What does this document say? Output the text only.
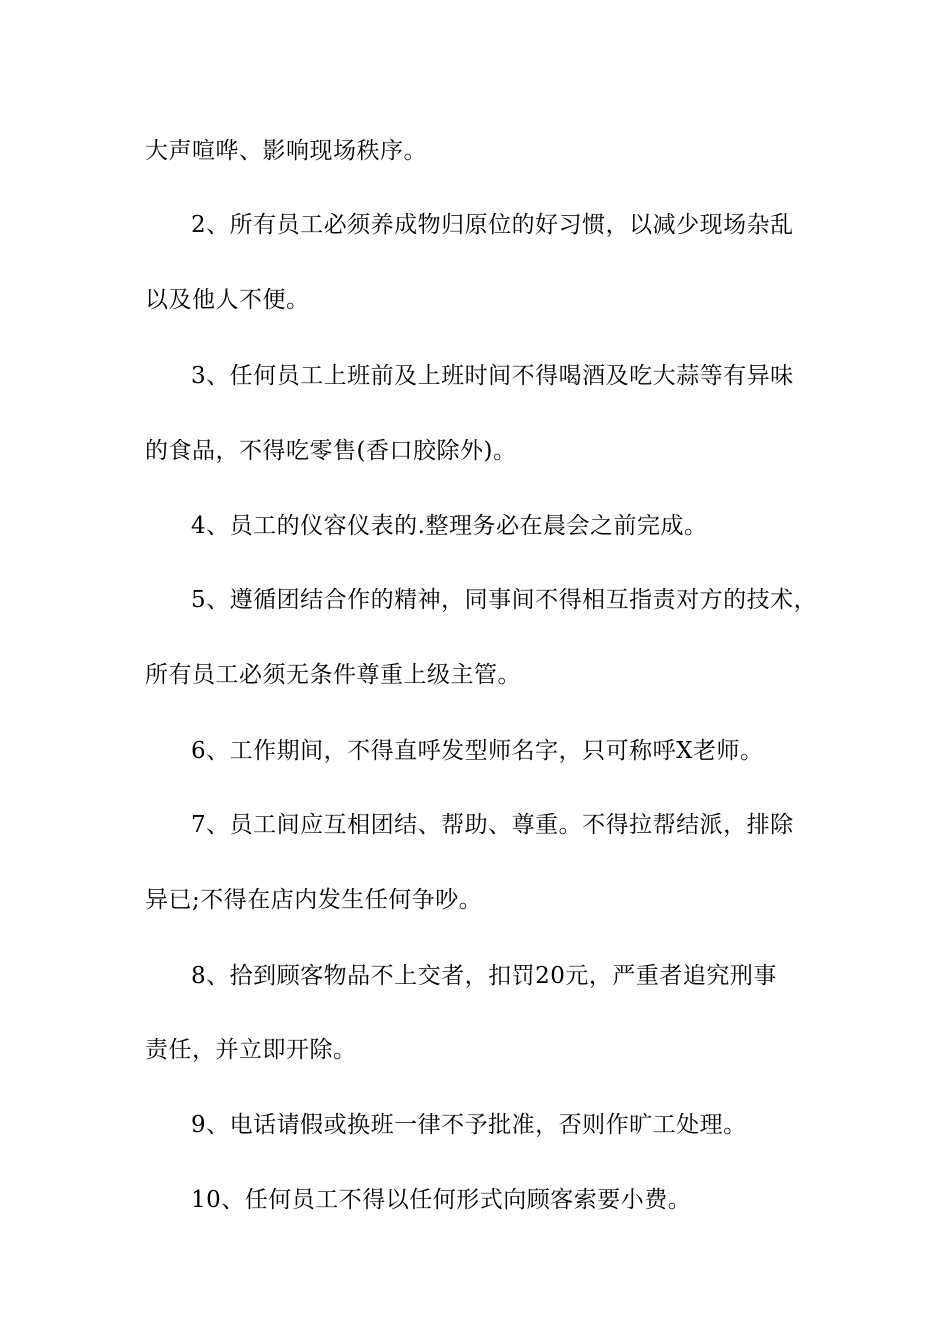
大声喧哗、影响现场秩序。
2、所有员工必须养成物归原位的好习惯，以减少现场杂乱
以及他人不便。
3、任何员工上班前及上班时间不得喝酒及吃大蒜等有异味
的食品，不得吃零售(香口胶除外)。
4、员工的仪容仪表的.整理务必在晨会之前完成。
5、遵循团结合作的精神，同事间不得相互指责对方的技术，
所有员工必须无条件尊重上级主管。
6、工作期间，不得直呼发型师名字，只可称呼X老师。
7、员工间应互相团结、帮助、尊重。不得拉帮结派，排除
异已;不得在店内发生任何争吵。
8、拾到顾客物品不上交者，扣罚20元，严重者追究刑事
责任，并立即开除。
9、电话请假或换班一律不予批准，否则作旷工处理。
10、任何员工不得以任何形式向顾客索要小费。
